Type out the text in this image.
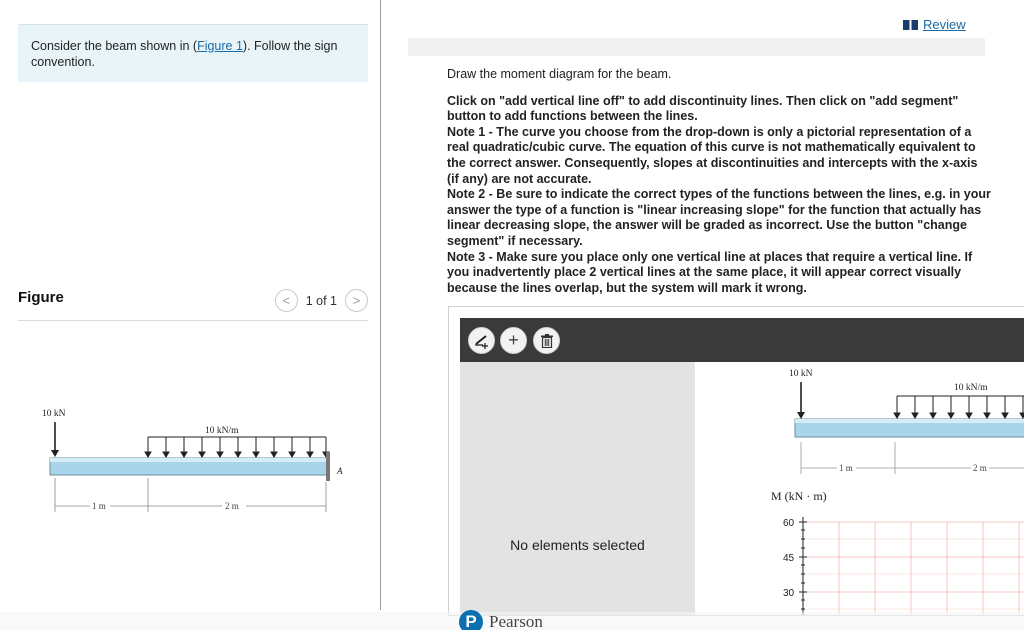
Consider the beam shown in (Figure 1). Follow the sign convention.
Figure	<	1 of 1	>
10 kN
10 kN/m
A
1 m	2 m
Review

Draw the moment diagram for the beam.

Click on "add vertical line off" to add discontinuity lines. Then click on "add segment" button to add functions between the lines.

Note 1 - The curve you choose from the drop-down is only a pictorial representation of a real quadratic/cubic curve. The equation of this curve is not mathematically equivalent to the correct answer. Consequently, slopes at discontinuities and intercepts with the x-axis (if any) are not accurate.

Note 2 - Be sure to indicate the correct types of the functions between the lines, e.g. in your answer the type of a function is "linear increasing slope" for the function that actually has linear decreasing slope, the answer will be graded as incorrect. Use the button "change segment" if necessary.

Note 3 - Make sure you place only one vertical line at places that require a vertical line. If you inadvertently place 2 vertical lines at the same place, it will appear correct visually because the lines overlap, but the system will mark it wrong.

+
No elements selected
10 kN
10 kN/m
1 m	2 m
M (kN · m)
60
45
30
P Pearson
